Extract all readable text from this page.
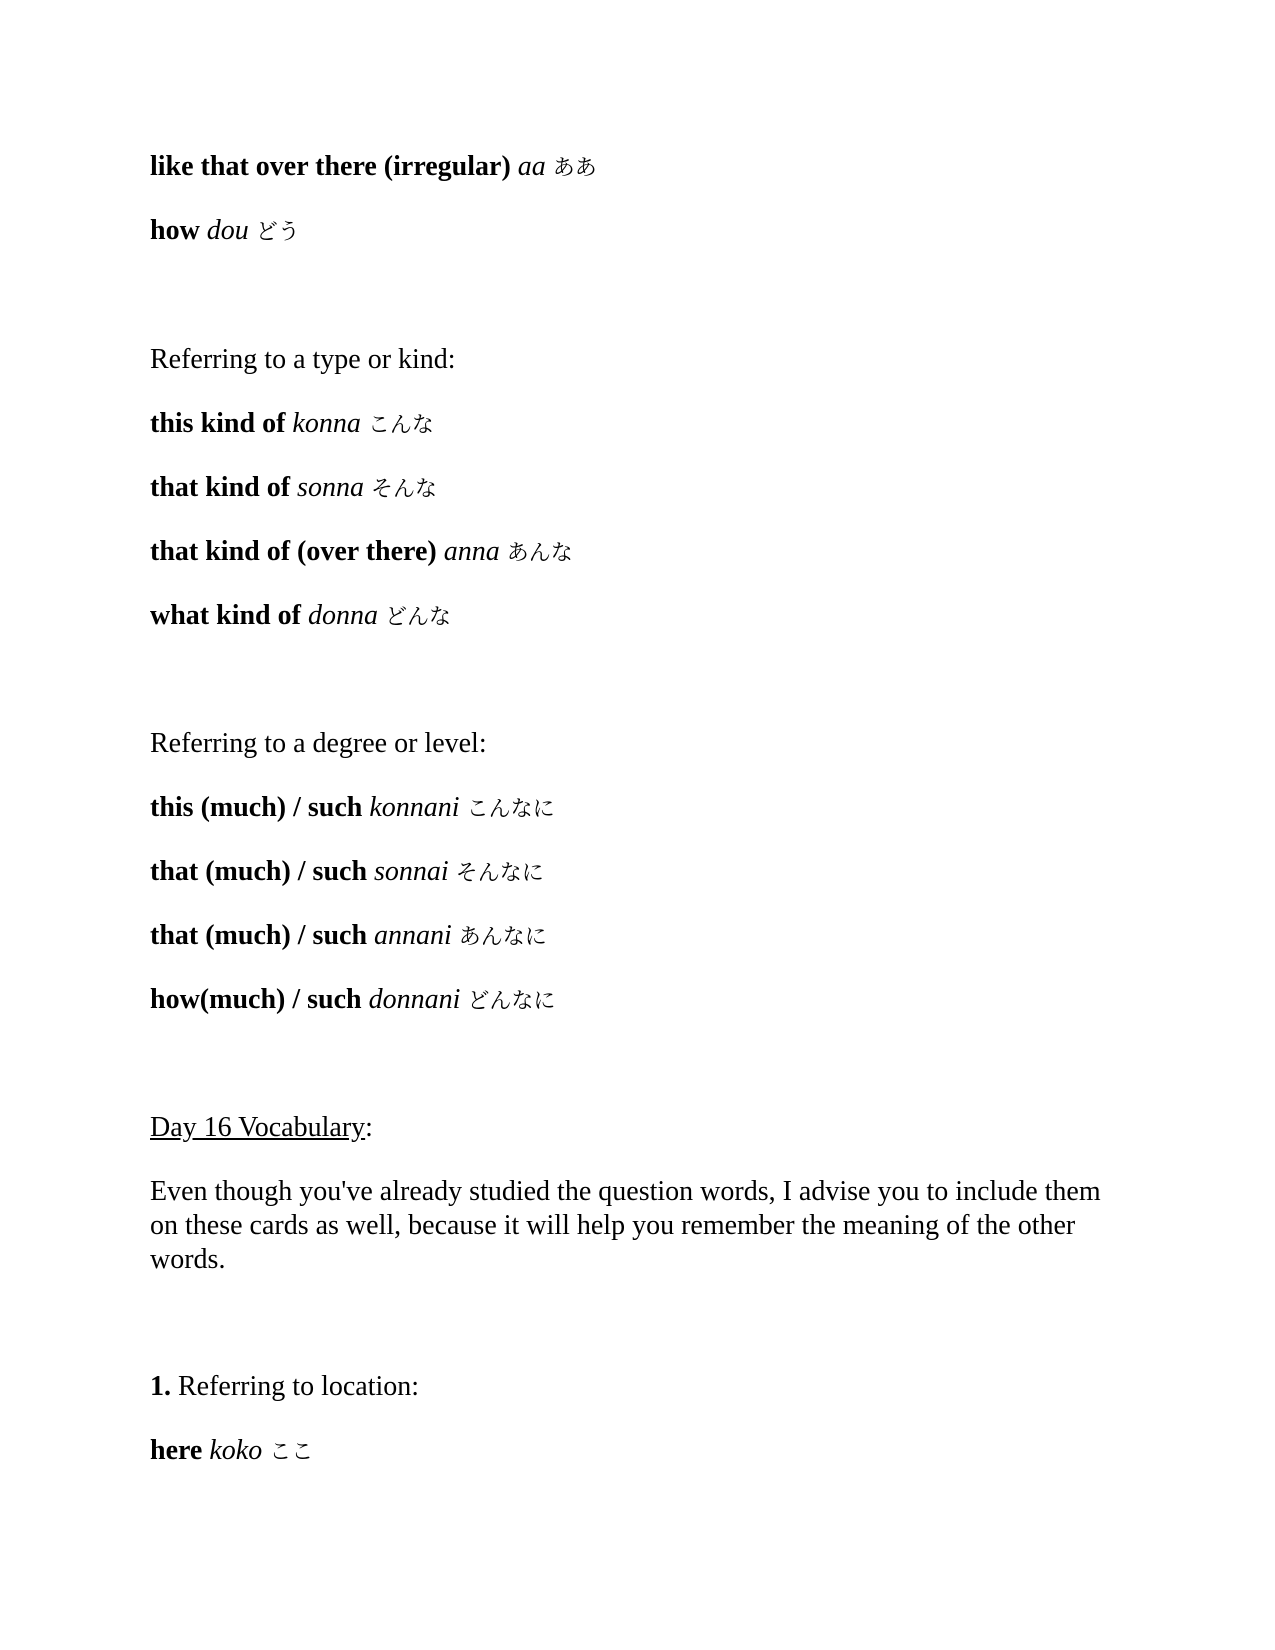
like that over there (irregular) aa ああ
how dou どう
Referring to a type or kind:
this kind of konna こんな
that kind of sonna そんな
that kind of (over there) anna あんな
what kind of donna どんな
Referring to a degree or level:
this (much) / such konnani こんなに
that (much) / such sonnai そんなに
that (much) / such annani あんなに
how(much) / such donnani どんなに
Day 16 Vocabulary:
Even though you've already studied the question words, I advise you to include them on these cards as well, because it will help you remember the meaning of the other words.
1. Referring to location:
here koko ここ
